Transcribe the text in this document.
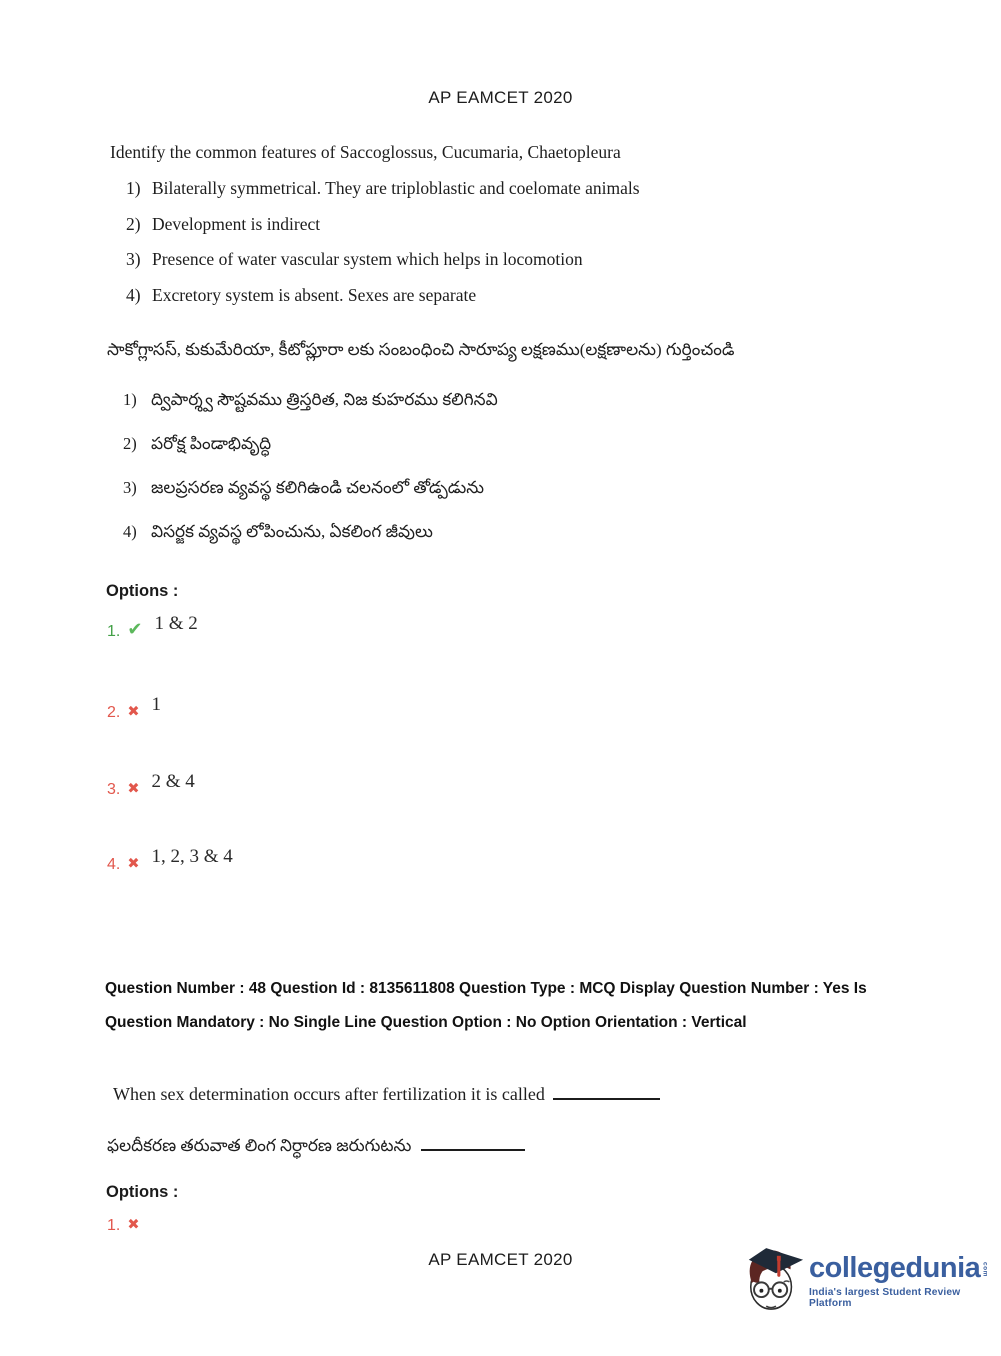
AP EAMCET 2020
Identify the common features of Saccoglossus, Cucumaria, Chaetopleura
1) Bilaterally symmetrical. They are triploblastic and coelomate animals
2) Development is indirect
3) Presence of water vascular system which helps in locomotion
4) Excretory system is absent. Sexes are separate
సాకోగ్లాసస్, కుకుమేరియా, కీటోప్లూరా లకు సంబంధించి సారూప్య లక్షణము(లక్షణాలను) గుర్తించండి
1) ద్విపార్శ్వ సౌష్టవము త్రిస్తరిత, నిజ కుహరము కలిగినవి
2) పరోక్ష పిండాభివృద్ధి
3) జలప్రసరణ వ్యవస్థ కలిగిఉండి చలనంలో తోడ్పడును
4) విసర్జక వ్యవస్థ లోపించును, ఏకలింగ జీవులు
Options :
1. ✔ 1 & 2
2. ✖ 1
3. ✖ 2 & 4
4. ✖ 1, 2, 3 & 4
Question Number : 48 Question Id : 8135611808 Question Type : MCQ Display Question Number : Yes Is Question Mandatory : No Single Line Question Option : No Option Orientation : Vertical
When sex determination occurs after fertilization it is called
ఫలదీకరణ తరువాత లింగ నిర్ధారణ జరుగుటను
Options :
1. ✖
AP EAMCET 2020	collegedunia com
India's largest Student Review Platform
